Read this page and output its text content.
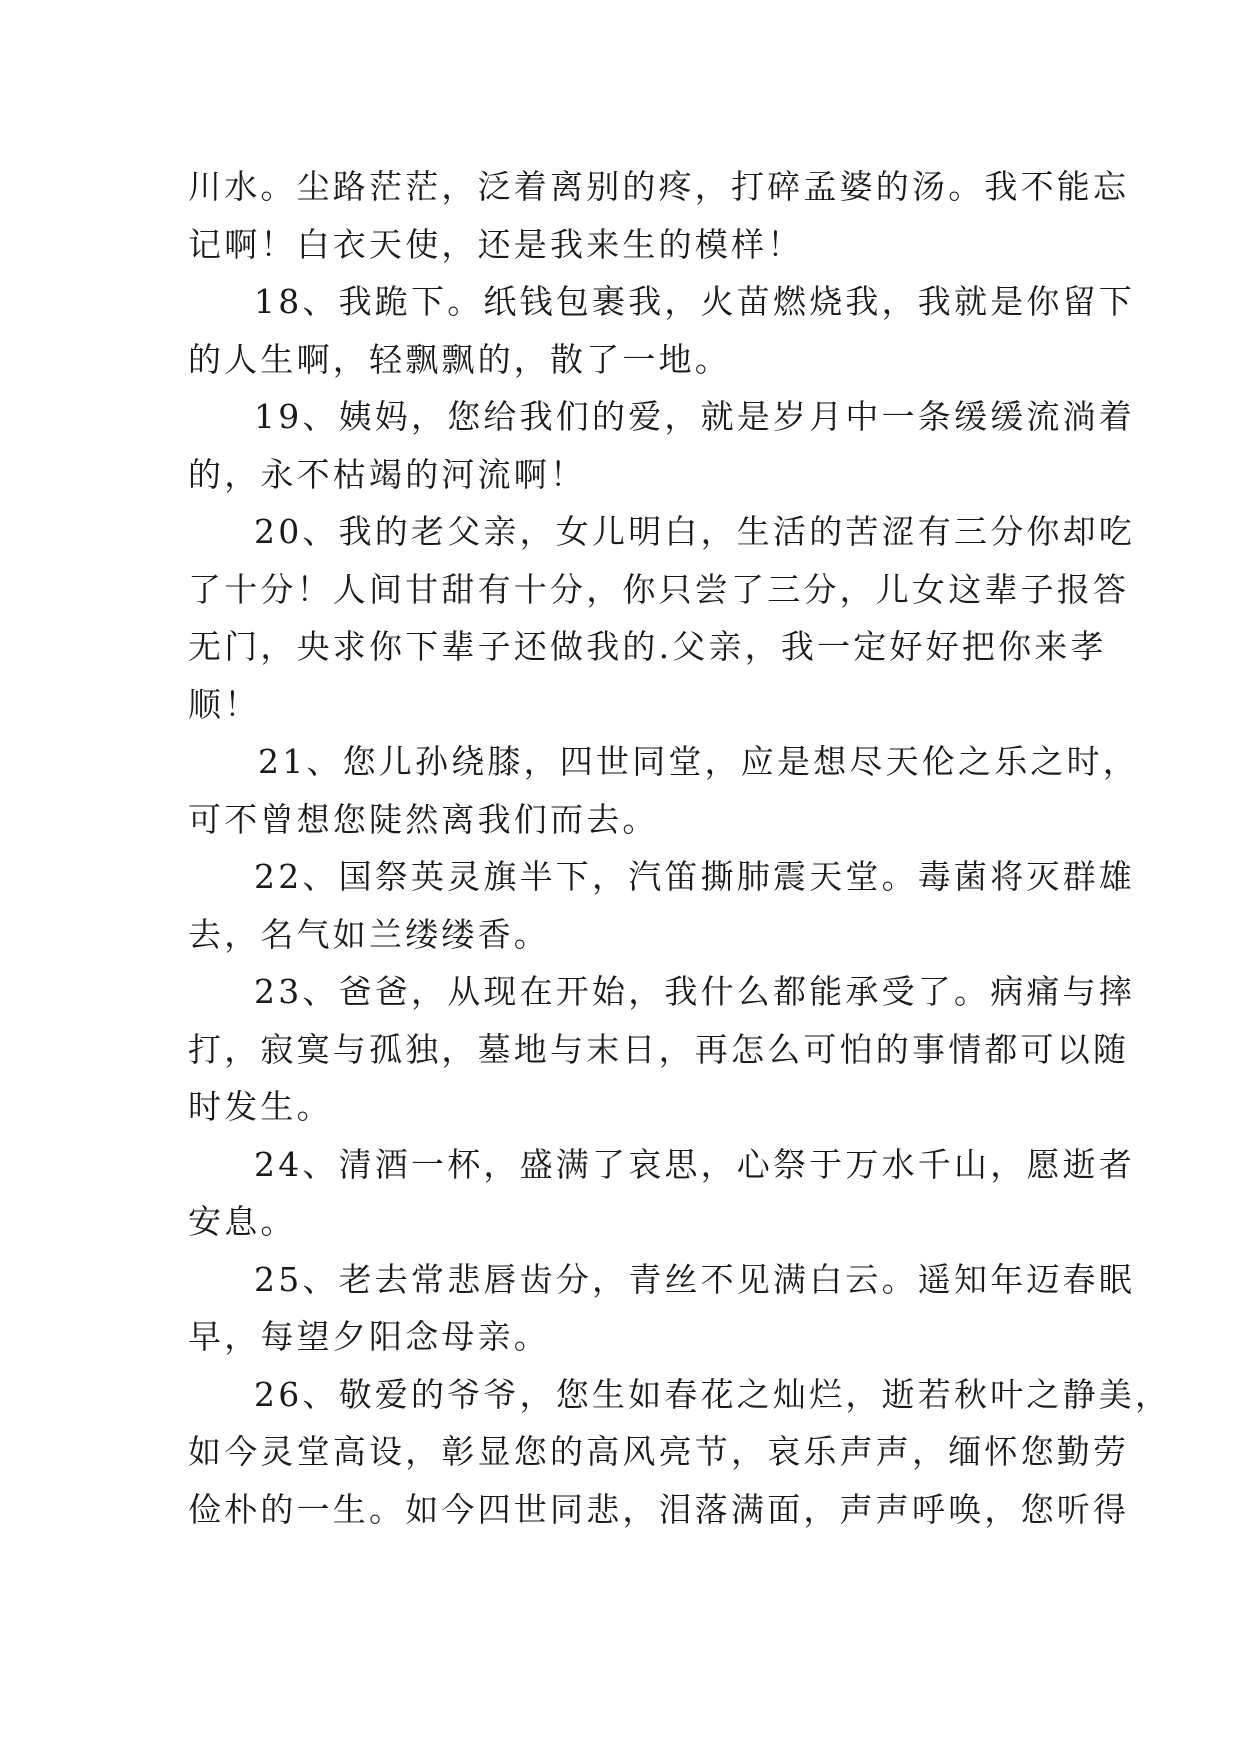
川水。尘路茫茫，泛着离别的疼，打碎孟婆的汤。我不能忘
记啊！白衣天使，还是我来生的模样！
18、我跪下。纸钱包裹我，火苗燃烧我，我就是你留下
的人生啊，轻飘飘的，散了一地。
19、姨妈，您给我们的爱，就是岁月中一条缓缓流淌着
的，永不枯竭的河流啊！
20、我的老父亲，女儿明白，生活的苦涩有三分你却吃
了十分！人间甘甜有十分，你只尝了三分，儿女这辈子报答
无门，央求你下辈子还做我的.父亲，我一定好好把你来孝
顺！
21、您儿孙绕膝，四世同堂，应是想尽天伦之乐之时，
可不曾想您陡然离我们而去。
22、国祭英灵旗半下，汽笛撕肺震天堂。毒菌将灭群雄
去，名气如兰缕缕香。
23、爸爸，从现在开始，我什么都能承受了。病痛与摔
打，寂寞与孤独，墓地与末日，再怎么可怕的事情都可以随
时发生。
24、清酒一杯，盛满了哀思，心祭于万水千山，愿逝者
安息。
25、老去常悲唇齿分，青丝不见满白云。遥知年迈春眠
早，每望夕阳念母亲。
26、敬爱的爷爷，您生如春花之灿烂，逝若秋叶之静美，
如今灵堂高设，彰显您的高风亮节，哀乐声声，缅怀您勤劳
俭朴的一生。如今四世同悲，泪落满面，声声呼唤，您听得
